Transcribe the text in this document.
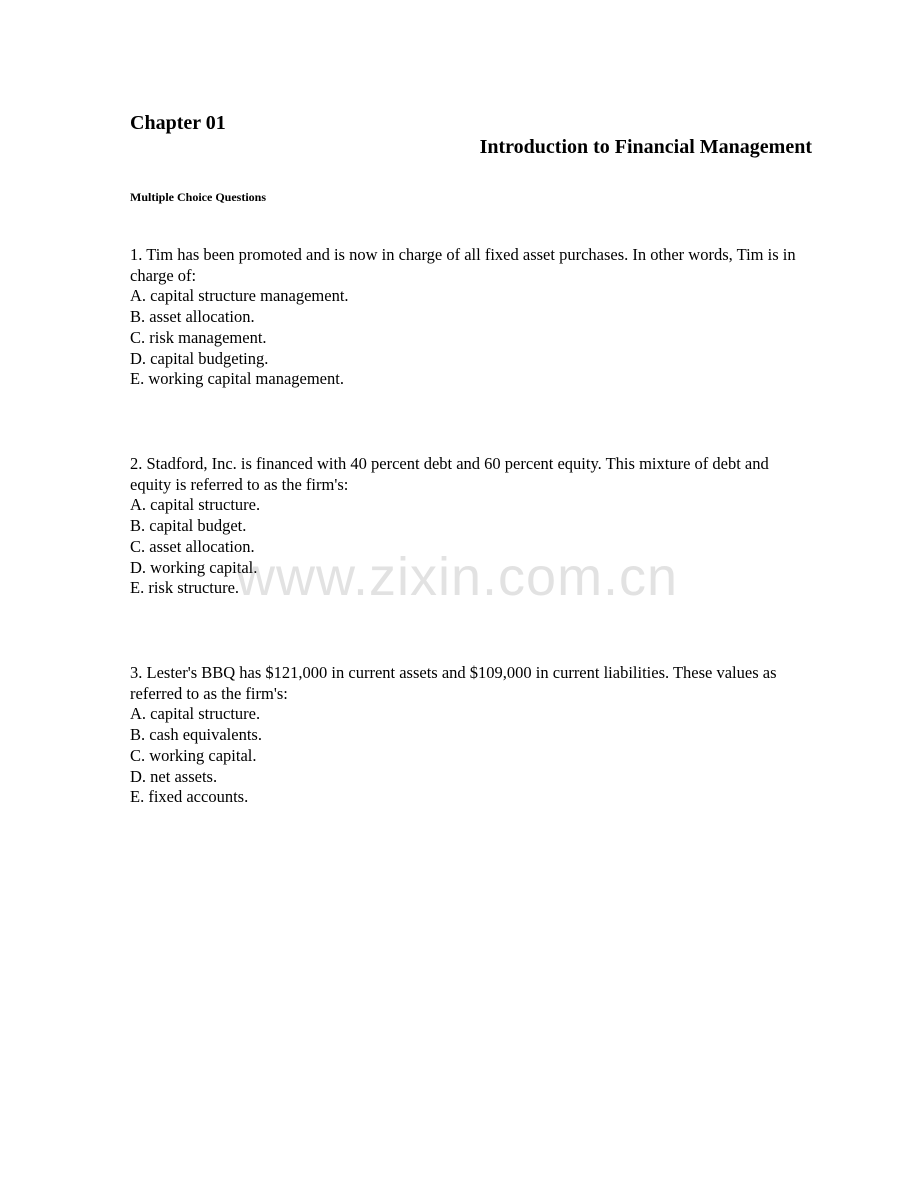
Chapter 01
Introduction to Financial Management
Multiple Choice Questions

1. Tim has been promoted and is now in charge of all fixed asset purchases. In other words, Tim is in charge of:

A. capital structure management.

B. asset allocation.

C. risk management.

D. capital budgeting.

E. working capital management.

2. Stadford, Inc. is financed with 40 percent debt and 60 percent equity. This mixture of debt and equity is referred to as the firm's:

A. capital structure.

B. capital budget.

C. asset allocation.

D. working capital.

E. risk structure.

3. Lester's BBQ has $121,000 in current assets and $109,000 in current liabilities. These values as referred to as the firm's:

A. capital structure.

B. cash equivalents.

C. working capital.

D. net assets.

E. fixed accounts.

www.zixin.com.cn
